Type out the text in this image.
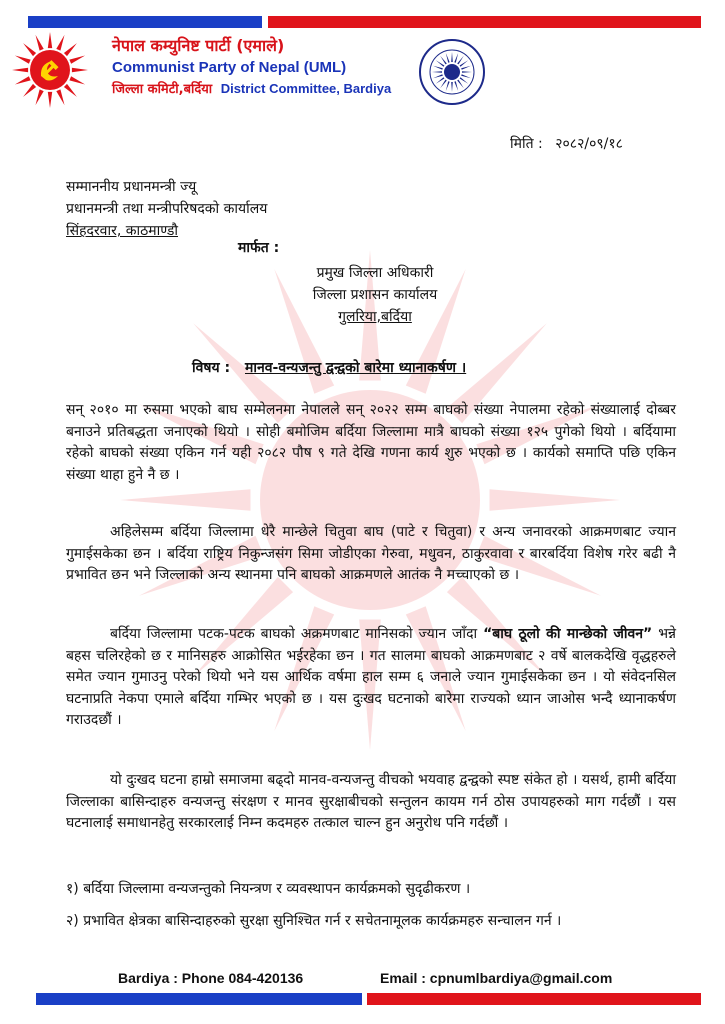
नेपाल कम्युनिष्ट पार्टी (एमाले)
Communist Party of Nepal (UML)
जिल्ला कमिटी,बर्दिया District Committee, Bardiya
मिति : २०८२/०९/१८
सम्माननीय प्रधानमन्त्री ज्यू
प्रधानमन्त्री तथा मन्त्रीपरिषदको कार्यालय
सिंहदरवार, काठमाण्डौ
मार्फत :
प्रमुख जिल्ला अधिकारी
जिल्ला प्रशासन कार्यालय
गुलरिया,बर्दिया
विषय : मानव-वन्यजन्तु द्वन्द्वको बारेमा ध्यानाकर्षण ।
सन् २०१० मा रुसमा भएको बाघ सम्मेलनमा नेपालले सन् २०२२ सम्म बाघको संख्या नेपालमा रहेको संख्यालाई दोब्बर बनाउने प्रतिबद्धता जनाएको थियो । सोही बमोजिम बर्दिया जिल्लामा मात्रै बाघको संख्या १२५ पुगेको थियो । बर्दियामा रहेको बाघको संख्या एकिन गर्न यही २०८२ पौष ९ गते देखि गणना कार्य शुरु भएको छ । कार्यको समाप्ति पछि एकिन संख्या थाहा हुने नै छ ।
अहिलेसम्म बर्दिया जिल्लामा धेरै मान्छेले चितुवा बाघ (पाटे र चितुवा) र अन्य जनावरको आक्रमणबाट ज्यान गुमाईसकेका छन । बर्दिया राष्ट्रिय निकुन्जसंग सिमा जोडीएका गेरुवा, मधुवन, ठाकुरवावा र बारबर्दिया विशेष गरेर बढी नै प्रभावित छन भने जिल्लाको अन्य स्थानमा पनि बाघको आक्रमणले आतंक नै मच्चाएको छ ।
बर्दिया जिल्लामा पटक-पटक बाघको अक्रमणबाट मानिसको ज्यान जाँदा “बाघ ठूलो की मान्छेको जीवन” भन्ने बहस चलिरहेको छ र मानिसहरु आक्रोसित भईरहेका छन । गत सालमा बाघको आक्रमणबाट २ वर्षे बालकदेखि वृद्धहरुले समेत ज्यान गुमाउनु परेको थियो भने यस आर्थिक वर्षमा हाल सम्म ६ जनाले ज्यान गुमाईसकेका छन । यो संवेदनसिल घटनाप्रति नेकपा एमाले बर्दिया गम्भिर भएको छ । यस दुःखद घटनाको बारेमा राज्यको ध्यान जाओस भन्दै ध्यानाकर्षण गराउदछौं ।
यो दुःखद घटना हाम्रो समाजमा बढ्दो मानव-वन्यजन्तु वीचको भयवाह द्वन्द्वको स्पष्ट संकेत हो । यसर्थ, हामी बर्दिया जिल्लाका बासिन्दाहरु वन्यजन्तु संरक्षण र मानव सुरक्षाबीचको सन्तुलन कायम गर्न ठोस उपायहरुको माग गर्दछौं । यस घटनालाई समाधानहेतु सरकारलाई निम्न कदमहरु तत्काल चाल्न हुन अनुरोध पनि गर्दछौं ।
१) बर्दिया जिल्लामा वन्यजन्तुको नियन्त्रण र व्यवस्थापन कार्यक्रमको सुदृढीकरण ।
२) प्रभावित क्षेत्रका बासिन्दाहरुको सुरक्षा सुनिश्चित गर्न र सचेतनामूलक कार्यक्रमहरु सन्चालन गर्न ।
Bardiya : Phone 084-420136	Email : cpnumlbardiya@gmail.com
